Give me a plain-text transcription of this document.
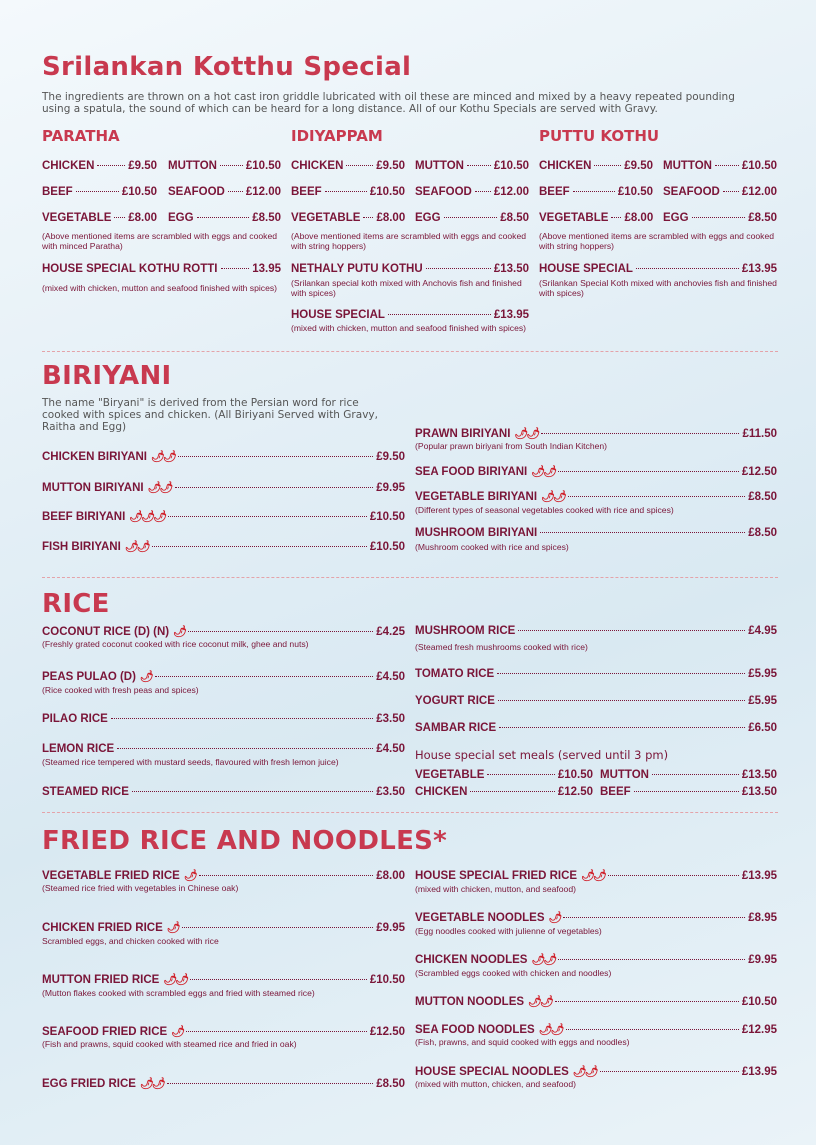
Srilankan Kotthu Special
The ingredients are thrown on a hot cast iron griddle lubricated with oil these are minced and mixed by a heavy repeated pounding
using a spatula, the sound of which can be heard for a long distance. All of our Kothu Specials are served with Gravy.
PARATHA
CHICKEN	£9.50 MUTTON	£10.50
BEEF	£10.50 SEAFOOD £12.00
VEGETABLE £8.00 EGG	£8.50
(Above mentioned items are scrambled with eggs and cooked
with minced Paratha)
HOUSE SPECIAL KOTHU ROTTI	13.95
(mixed with chicken, mutton and seafood finished with spices)
IDIYAPPAM
CHICKEN	£9.50 MUTTON	£10.50
BEEF	£10.50 SEAFOOD £12.00
VEGETABLE £8.00 EGG	£8.50
(Above mentioned items are scrambled with eggs and cooked
with string hoppers)
NETHALY PUTU KOTHU	£13.50
(Srilankan special koth mixed with Anchovis fish and finished
with spices)
HOUSE SPECIAL	£13.95
(mixed with chicken, mutton and seafood finished with spices)
PUTTU KOTHU
CHICKEN	£9.50 MUTTON	£10.50
BEEF	£10.50 SEAFOOD £12.00
VEGETABLE £8.00 EGG	£8.50
(Above mentioned items are scrambled with eggs and cooked
with string hoppers)
HOUSE SPECIAL	£13.95
(Srilankan Special Koth mixed with anchovies fish and finished
with spices)
BIRIYANI
The name "Biryani" is derived from the Persian word for rice
cooked with spices and chicken. (All Biriyani Served with Gravy,
Raitha and Egg)
CHICKEN BIRIYANI 🌶🌶	£9.50
MUTTON BIRIYANI 🌶🌶	£9.95
BEEF BIRIYANI 🌶🌶🌶	£10.50
FISH BIRIYANI 🌶🌶	£10.50
PRAWN BIRIYANI 🌶🌶	£11.50
(Popular prawn biriyani from South Indian Kitchen)
SEA FOOD BIRIYANI 🌶🌶	£12.50
VEGETABLE BIRIYANI 🌶🌶	£8.50
(Different types of seasonal vegetables cooked with rice and spices)
MUSHROOM BIRIYANI	£8.50
(Mushroom cooked with rice and spices)
RICE
COCONUT RICE (D) (N) 🌶	£4.25
(Freshly grated coconut cooked with rice coconut milk, ghee and nuts)
PEAS PULAO (D) 🌶	£4.50
(Rice cooked with fresh peas and spices)
PILAO RICE	£3.50
LEMON RICE	£4.50
(Steamed rice tempered with mustard seeds, flavoured with fresh lemon juice)
STEAMED RICE	£3.50
MUSHROOM RICE	£4.95
(Steamed fresh mushrooms cooked with rice)
TOMATO RICE	£5.95
YOGURT RICE	£5.95
SAMBAR RICE	£6.50
House special set meals (served until 3 pm)
VEGETABLE	£10.50 MUTTON	£13.50
CHICKEN	£12.50 BEEF	£13.50
FRIED RICE AND NOODLES*
VEGETABLE FRIED RICE 🌶	£8.00
(Steamed rice fried with vegetables in Chinese oak)
CHICKEN FRIED RICE 🌶	£9.95
Scrambled eggs, and chicken cooked with rice
MUTTON FRIED RICE 🌶🌶	£10.50
(Mutton flakes cooked with scrambled eggs and fried with steamed rice)
SEAFOOD FRIED RICE 🌶	£12.50
(Fish and prawns, squid cooked with steamed rice and fried in oak)
EGG FRIED RICE 🌶🌶	£8.50
HOUSE SPECIAL FRIED RICE 🌶🌶	£13.95
(mixed with chicken, mutton, and seafood)
VEGETABLE NOODLES 🌶	£8.95
(Egg noodles cooked with julienne of vegetables)
CHICKEN NOODLES 🌶🌶	£9.95
(Scrambled eggs cooked with chicken and noodles)
MUTTON NOODLES 🌶🌶	£10.50
SEA FOOD NOODLES 🌶🌶	£12.95
(Fish, prawns, and squid cooked with eggs and noodles)
HOUSE SPECIAL NOODLES 🌶🌶	£13.95
(mixed with mutton, chicken, and seafood)
